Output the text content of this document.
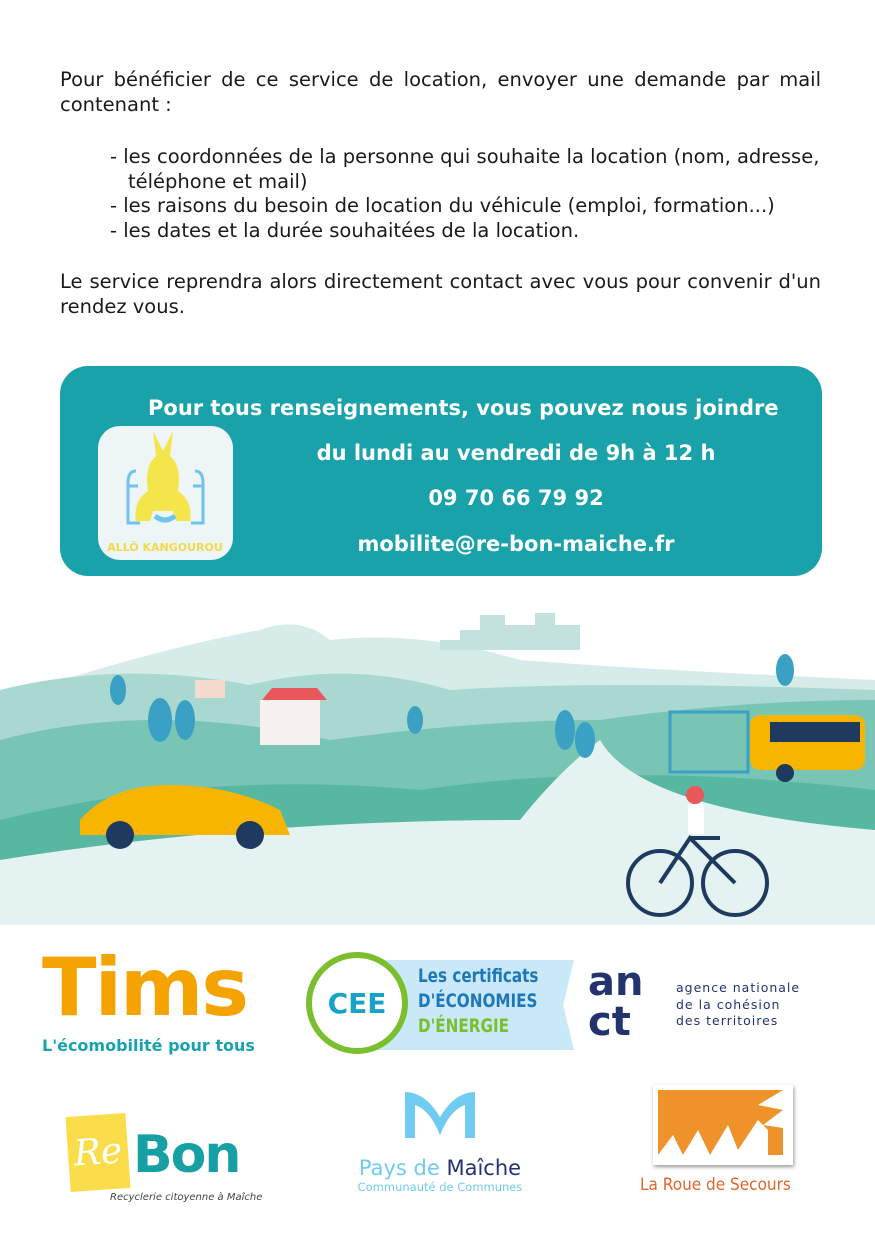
Pour bénéficier de ce service de location, envoyer une demande par mail contenant :
- les coordonnées de la personne qui souhaite la location (nom, adresse, téléphone et mail)
- les raisons du besoin de location du véhicule (emploi, formation...)
- les dates et la durée souhaitées de la location.
Le service reprendra alors directement contact avec vous pour convenir d'un rendez vous.
Pour tous renseignements, vous pouvez nous joindre
du lundi au vendredi de 9h à 12 h
09 70 66 79 92
mobilite@re-bon-maiche.fr
ALLÔ KANGOUROU
Tims
L'écomobilité pour tous
CEE
Les certificats
D'ÉCONOMIES
D'ÉNERGIE
an
ct
agence nationale
de la cohésion
des territoires
Re Bon
Recyclerie citoyenne à Maîche
Pays de Maîche
Communauté de Communes	La Roue de Secours
